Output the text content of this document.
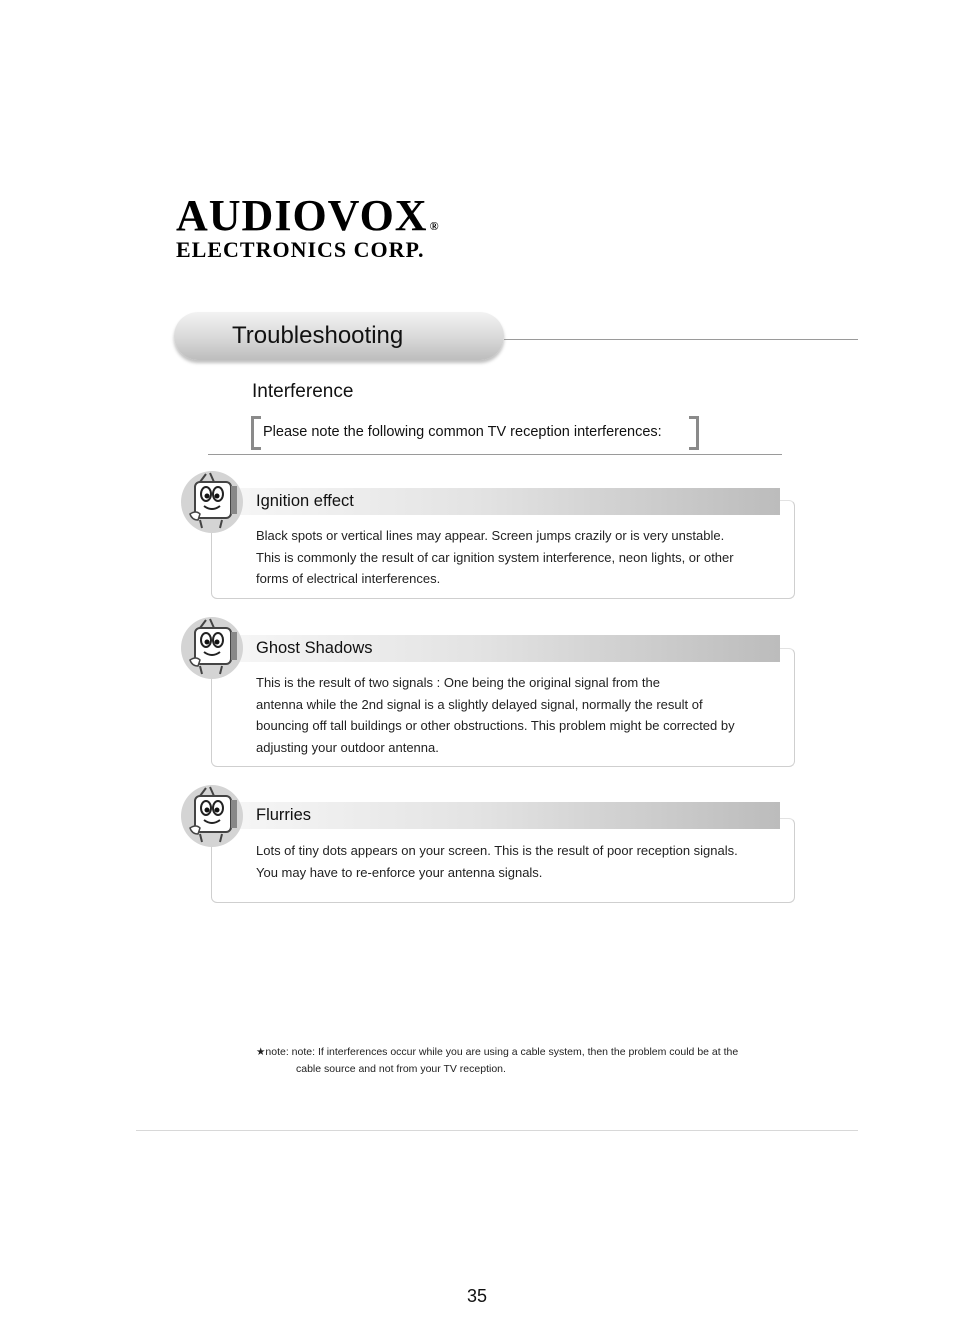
AUDIOVOX ®
ELECTRONICS CORP.
Troubleshooting
Interference
Please note the following common TV reception interferences:
Ignition effect
Black spots or vertical lines may appear. Screen jumps crazily or is very unstable.
This is commonly the result of car ignition system interference, neon lights, or other
forms of electrical interferences.
Ghost Shadows
This is the result of two signals : One being the original signal from the
antenna while the 2nd signal is a slightly delayed signal, normally the result of
bouncing off tall buildings or other obstructions. This problem might be corrected by
adjusting your outdoor antenna.
Flurries
Lots of tiny dots appears on your screen. This is the result of poor reception signals.
You may have to re-enforce your antenna signals.
★note: note: If interferences occur while you are using a cable system, then the problem could be at the
cable source and not from your TV reception.
35
